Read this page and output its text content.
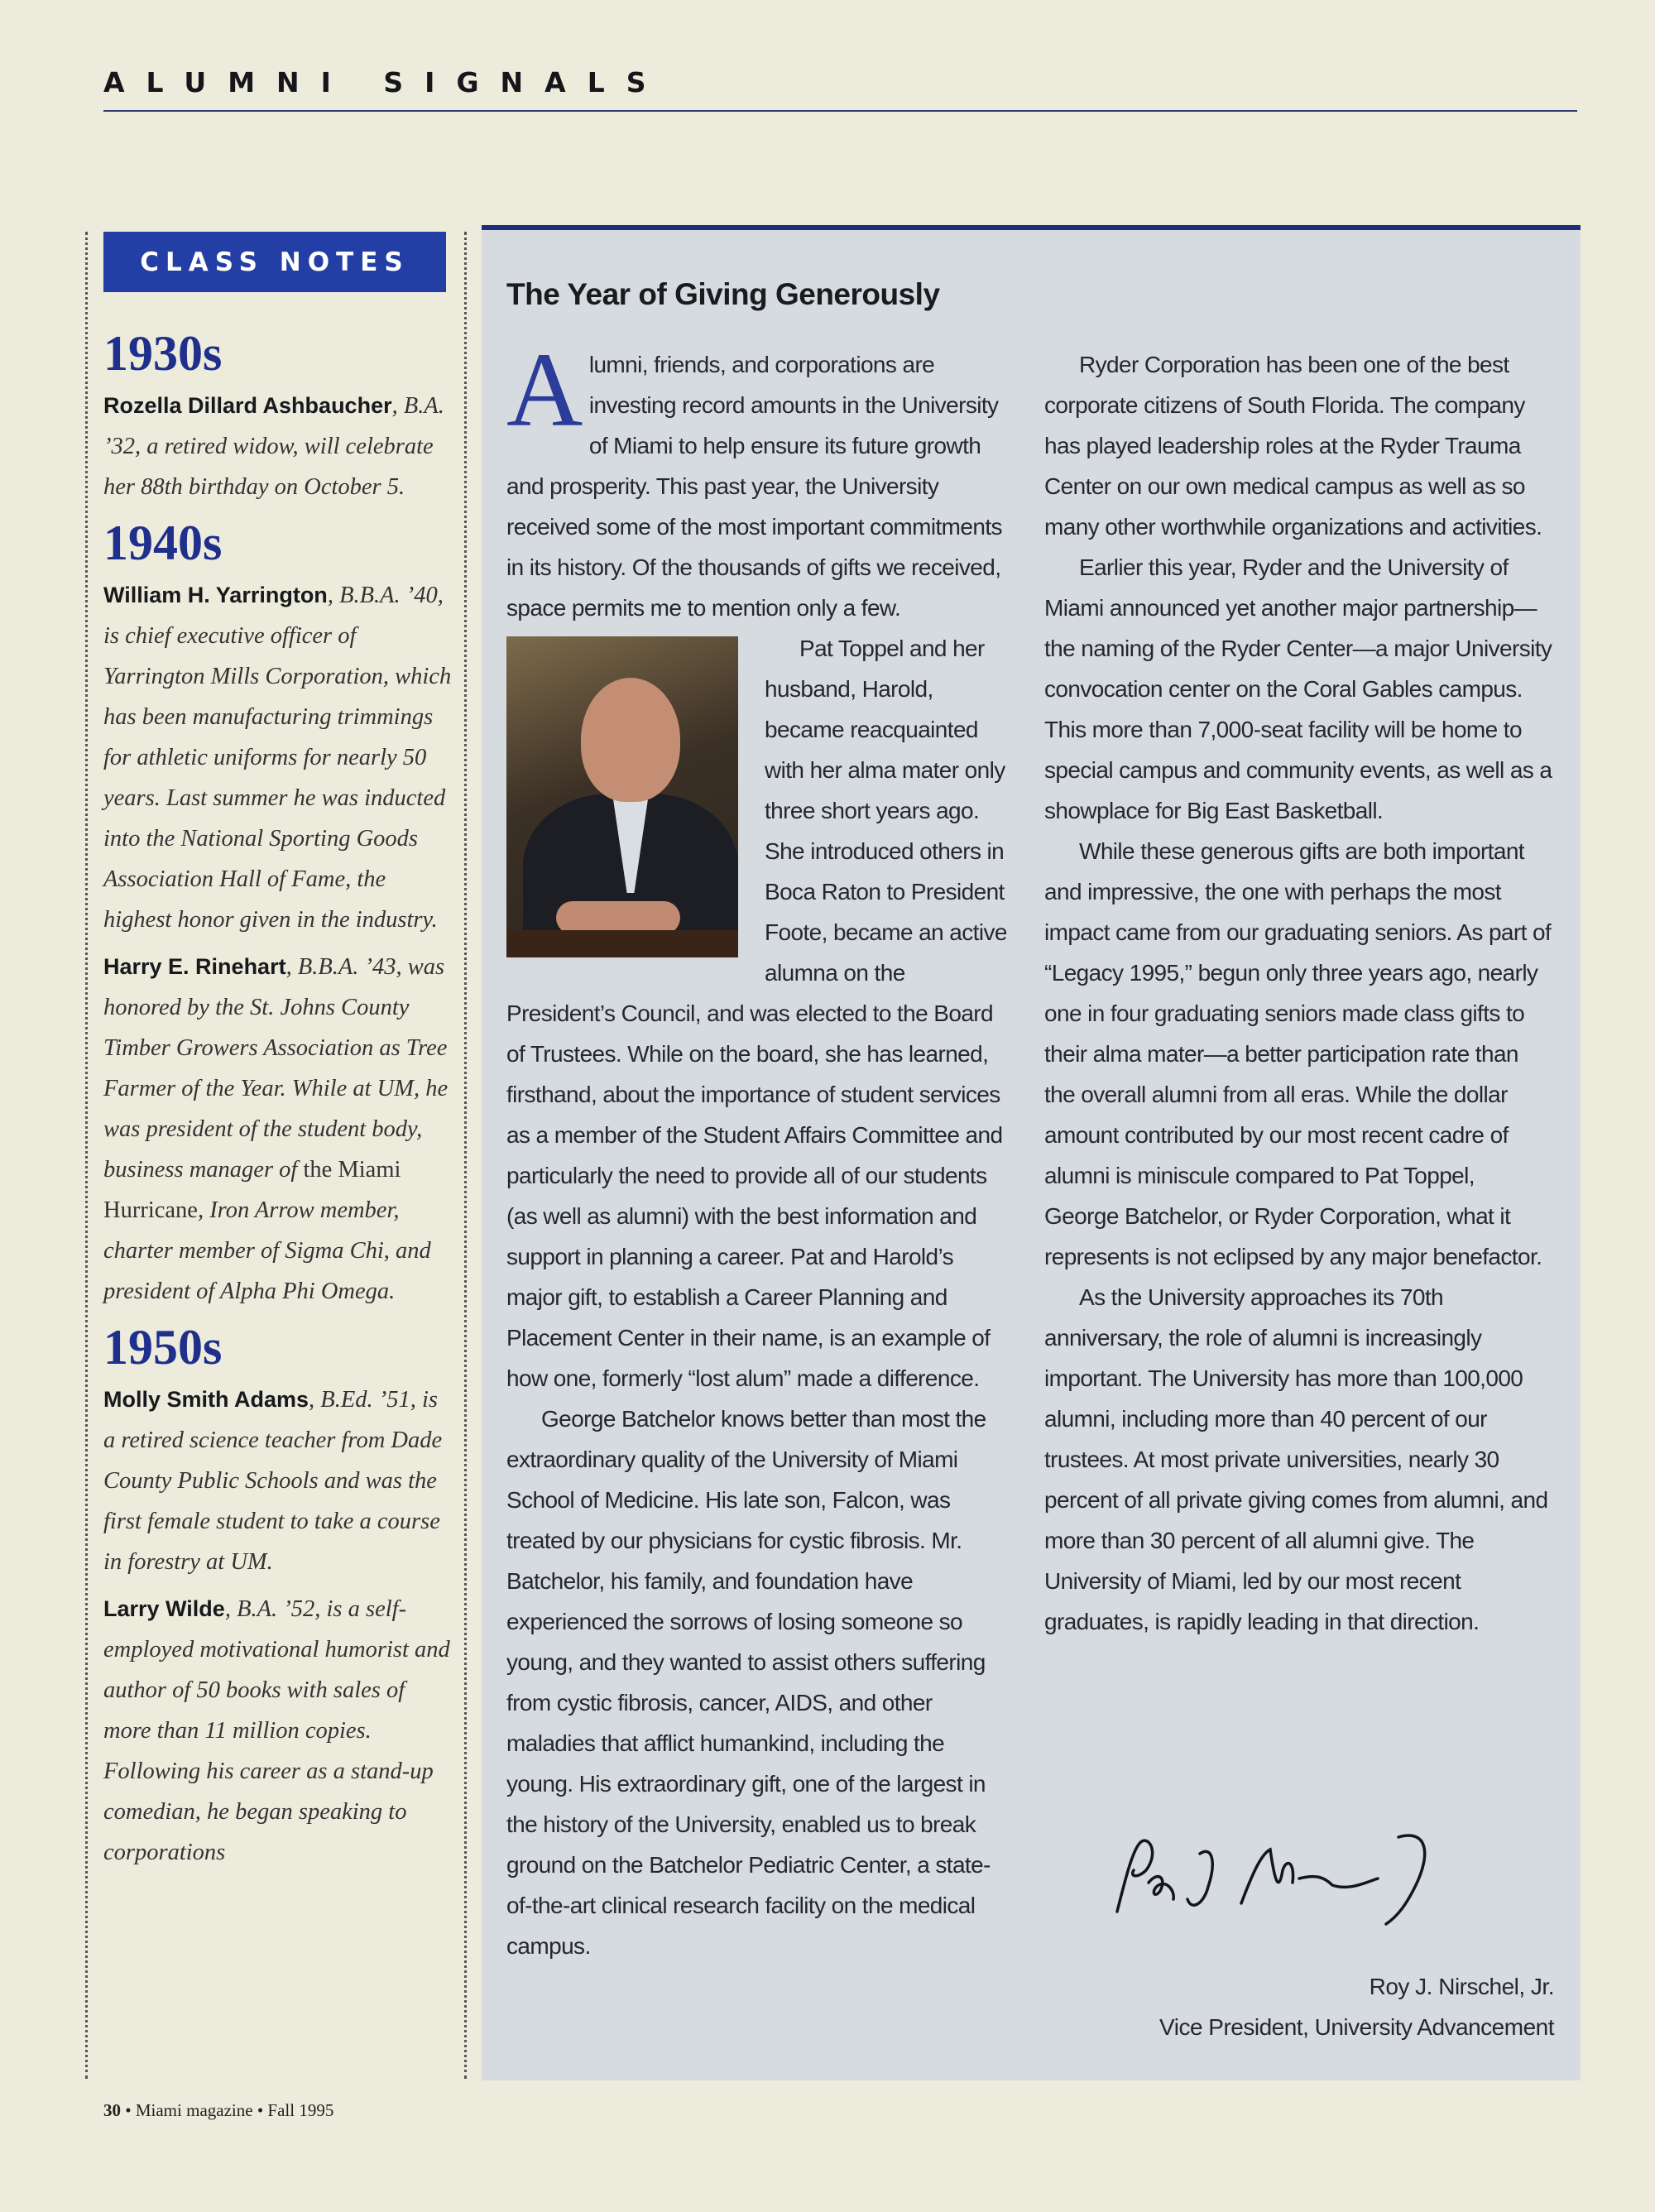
ALUMNI SIGNALS
CLASS NOTES
1930s

Rozella Dillard Ashbaucher, B.A. ’32, a retired widow, will celebrate her 88th birthday on October 5.

1940s

William H. Yarrington, B.B.A. ’40, is chief executive officer of Yarrington Mills Corporation, which has been manufacturing trimmings for athletic uniforms for nearly 50 years. Last summer he was inducted into the National Sporting Goods Association Hall of Fame, the highest honor given in the industry.

Harry E. Rinehart, B.B.A. ’43, was honored by the St. Johns County Timber Growers Association as Tree Farmer of the Year. While at UM, he was president of the student body, business manager of the Miami Hurricane, Iron Arrow member, charter member of Sigma Chi, and president of Alpha Phi Omega.

1950s

Molly Smith Adams, B.Ed. ’51, is a retired science teacher from Dade County Public Schools and was the first female student to take a course in forestry at UM.

Larry Wilde, B.A. ’52, is a self-employed motivational humorist and author of 50 books with sales of more than 11 million copies. Following his career as a stand-up comedian, he began speaking to corporations

The Year of Giving Generously

Alumni, friends, and corporations are investing record amounts in the University of Miami to help ensure its future growth and prosperity. This past year, the University received some of the most important commitments in its history. Of the thousands of gifts we received, space permits me to mention only a few.

Pat Toppel and her husband, Harold, became reacquainted with her alma mater only three short years ago. She introduced others in Boca Raton to President Foote, became an active alumna on the President’s Council, and was elected to the Board of Trustees. While on the board, she has learned, firsthand, about the importance of student services as a member of the Student Affairs Committee and particularly the need to provide all of our students (as well as alumni) with the best information and support in planning a career. Pat and Harold’s major gift, to establish a Career Planning and Placement Center in their name, is an example of how one, formerly “lost alum” made a difference.

George Batchelor knows better than most the extraordinary quality of the University of Miami School of Medicine. His late son, Falcon, was treated by our physicians for cystic fibrosis. Mr. Batchelor, his family, and foundation have experienced the sorrows of losing someone so young, and they wanted to assist others suffering from cystic fibrosis, cancer, AIDS, and other maladies that afflict humankind, including the young. His extraordinary gift, one of the largest in the history of the University, enabled us to break ground on the Batchelor Pediatric Center, a state-of-the-art clinical research facility on the medical campus.

Ryder Corporation has been one of the best corporate citizens of South Florida. The company has played leadership roles at the Ryder Trauma Center on our own medical campus as well as so many other worthwhile organizations and activities.

Earlier this year, Ryder and the University of Miami announced yet another major partnership—the naming of the Ryder Center—a major University convocation center on the Coral Gables campus. This more than 7,000-seat facility will be home to special campus and community events, as well as a showplace for Big East Basketball.

While these generous gifts are both important and impressive, the one with perhaps the most impact came from our graduating seniors. As part of “Legacy 1995,” begun only three years ago, nearly one in four graduating seniors made class gifts to their alma mater—a better participation rate than the overall alumni from all eras. While the dollar amount contributed by our most recent cadre of alumni is miniscule compared to Pat Toppel, George Batchelor, or Ryder Corporation, what it represents is not eclipsed by any major benefactor.

As the University approaches its 70th anniversary, the role of alumni is increasingly important. The University has more than 100,000 alumni, including more than 40 percent of our trustees. At most private universities, nearly 30 percent of all private giving comes from alumni, and more than 30 percent of all alumni give. The University of Miami, led by our most recent graduates, is rapidly leading in that direction.

Roy J. Nirschel, Jr.
Vice President, University Advancement
30 • Miami magazine • Fall 1995
